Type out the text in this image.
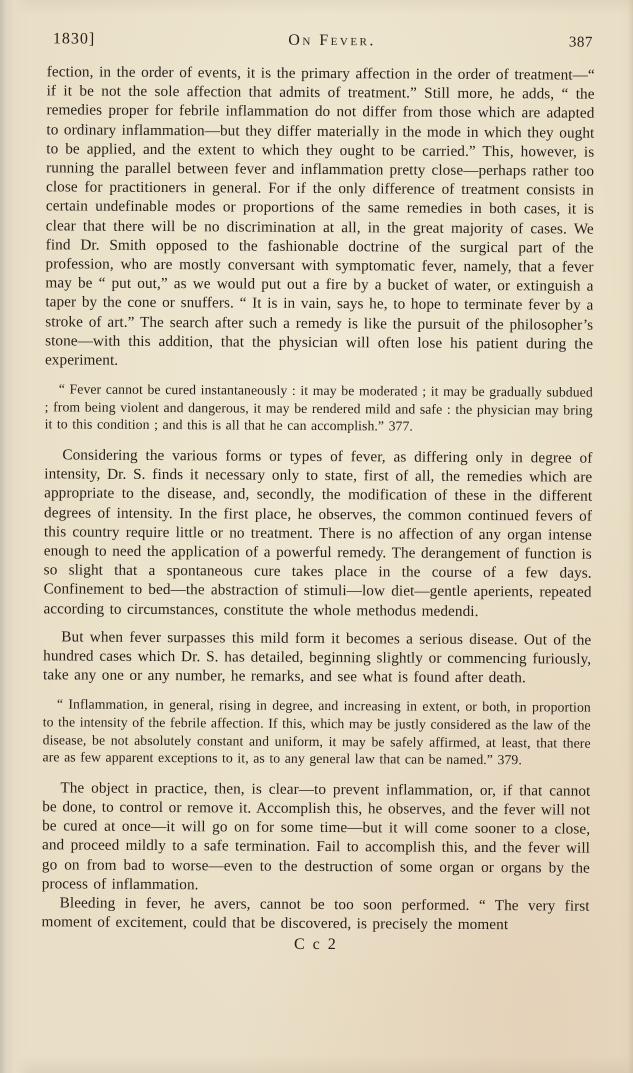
1830]	On Fever.	387

fection, in the order of events, it is the primary affection in the order of treatment—“ if it be not the sole affection that admits of treatment.” Still more, he adds, “ the remedies proper for febrile inflammation do not differ from those which are adapted to ordinary inflammation—but they differ materially in the mode in which they ought to be applied, and the extent to which they ought to be carried.” This, however, is running the parallel between fever and inflammation pretty close—perhaps rather too close for practitioners in general. For if the only difference of treatment consists in certain undefinable modes or proportions of the same remedies in both cases, it is clear that there will be no discrimination at all, in the great majority of cases. We find Dr. Smith opposed to the fashionable doctrine of the surgical part of the profession, who are mostly conversant with symptomatic fever, namely, that a fever may be “ put out,” as we would put out a fire by a bucket of water, or extinguish a taper by the cone or snuffers. “ It is in vain, says he, to hope to terminate fever by a stroke of art.” The search after such a remedy is like the pursuit of the philosopher’s stone—with this addition, that the physician will often lose his patient during the experiment.

“ Fever cannot be cured instantaneously : it may be moderated ; it may be gradually subdued ; from being violent and dangerous, it may be rendered mild and safe : the physician may bring it to this condition ; and this is all that he can accomplish.” 377.

Considering the various forms or types of fever, as differing only in degree of intensity, Dr. S. finds it necessary only to state, first of all, the remedies which are appropriate to the disease, and, secondly, the modification of these in the different degrees of intensity. In the first place, he observes, the common continued fevers of this country require little or no treatment. There is no affection of any organ intense enough to need the application of a powerful remedy. The derangement of function is so slight that a spontaneous cure takes place in the course of a few days. Confinement to bed—the abstraction of stimuli—low diet—gentle aperients, repeated according to circumstances, constitute the whole methodus medendi.

But when fever surpasses this mild form it becomes a serious disease. Out of the hundred cases which Dr. S. has detailed, beginning slightly or commencing furiously, take any one or any number, he remarks, and see what is found after death.

“ Inflammation, in general, rising in degree, and increasing in extent, or both, in proportion to the intensity of the febrile affection. If this, which may be justly considered as the law of the disease, be not absolutely constant and uniform, it may be safely affirmed, at least, that there are as few apparent exceptions to it, as to any general law that can be named.” 379.

The object in practice, then, is clear—to prevent inflammation, or, if that cannot be done, to control or remove it. Accomplish this, he observes, and the fever will not be cured at once—it will go on for some time—but it will come sooner to a close, and proceed mildly to a safe termination. Fail to accomplish this, and the fever will go on from bad to worse—even to the destruction of some organ or organs by the process of inflammation.

Bleeding in fever, he avers, cannot be too soon performed. “ The very first moment of excitement, could that be discovered, is precisely the moment

C c 2
